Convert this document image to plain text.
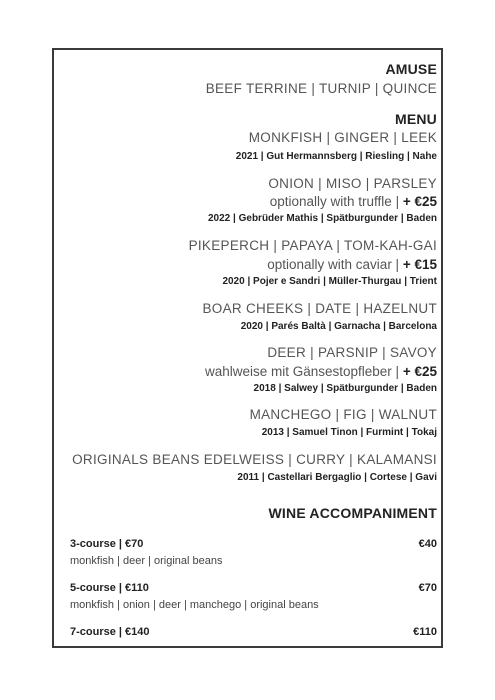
AMUSE
BEEF TERRINE | TURNIP | QUINCE
MENU
MONKFISH | GINGER | LEEK
2021 | Gut Hermannsberg | Riesling | Nahe
ONION | MISO | PARSLEY
optionally with truffle | + €25
2022 | Gebrüder Mathis | Spätburgunder | Baden
PIKEPERCH | PAPAYA | TOM-KAH-GAI
optionally with caviar | + €15
2020 | Pojer e Sandri | Müller-Thurgau | Trient
BOAR CHEEKS | DATE | HAZELNUT
2020 | Parés Baltà | Garnacha | Barcelona
DEER | PARSNIP | SAVOY
wahlweise mit Gänsestopfleber | + €25
2018 | Salwey | Spätburgunder | Baden
MANCHEGO | FIG | WALNUT
2013 | Samuel Tinon | Furmint | Tokaj
ORIGINALS BEANS EDELWEISS | CURRY | KALAMANSI
2011 | Castellari Bergaglio | Cortese | Gavi
WINE ACCOMPANIMENT
3-course | €70	€40
monkfish | deer | original beans
5-course | €110	€70
monkfish | onion | deer | manchego | original beans
7-course | €140	€110
